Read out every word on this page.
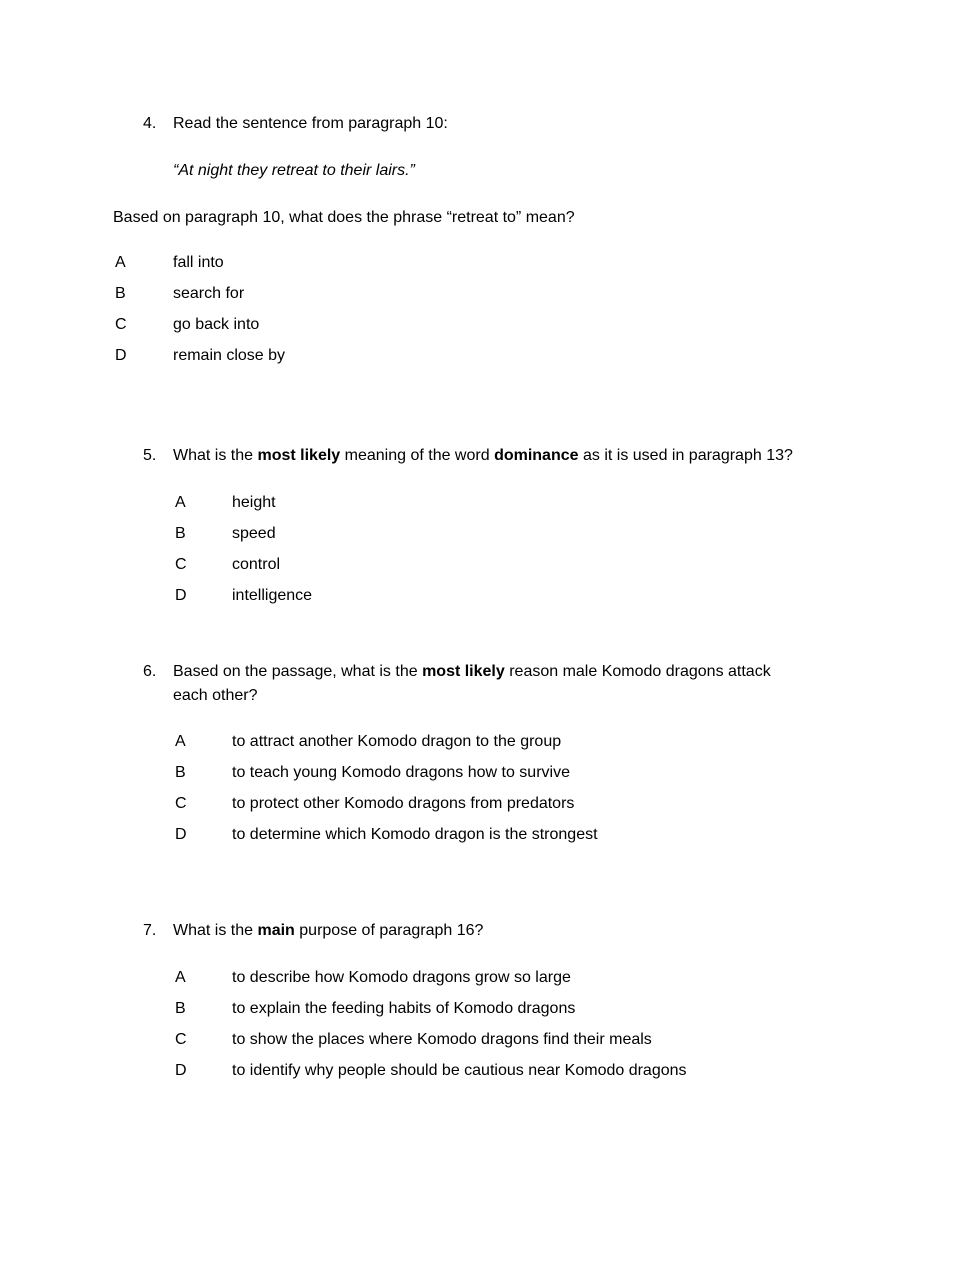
4.	Read the sentence from paragraph 10:
“At night they retreat to their lairs.”
Based on paragraph 10, what does the phrase “retreat to” mean?
A	fall into
B	search for
C	go back into
D	remain close by
5.	What is the most likely meaning of the word dominance as it is used in paragraph 13?
A	height
B	speed
C	control
D	intelligence
6.	Based on the passage, what is the most likely reason male Komodo dragons attack
each other?
A	to attract another Komodo dragon to the group
B	to teach young Komodo dragons how to survive
C	to protect other Komodo dragons from predators
D	to determine which Komodo dragon is the strongest
7.	What is the main purpose of paragraph 16?
A	to describe how Komodo dragons grow so large
B	to explain the feeding habits of Komodo dragons
C	to show the places where Komodo dragons find their meals
D	to identify why people should be cautious near Komodo dragons
